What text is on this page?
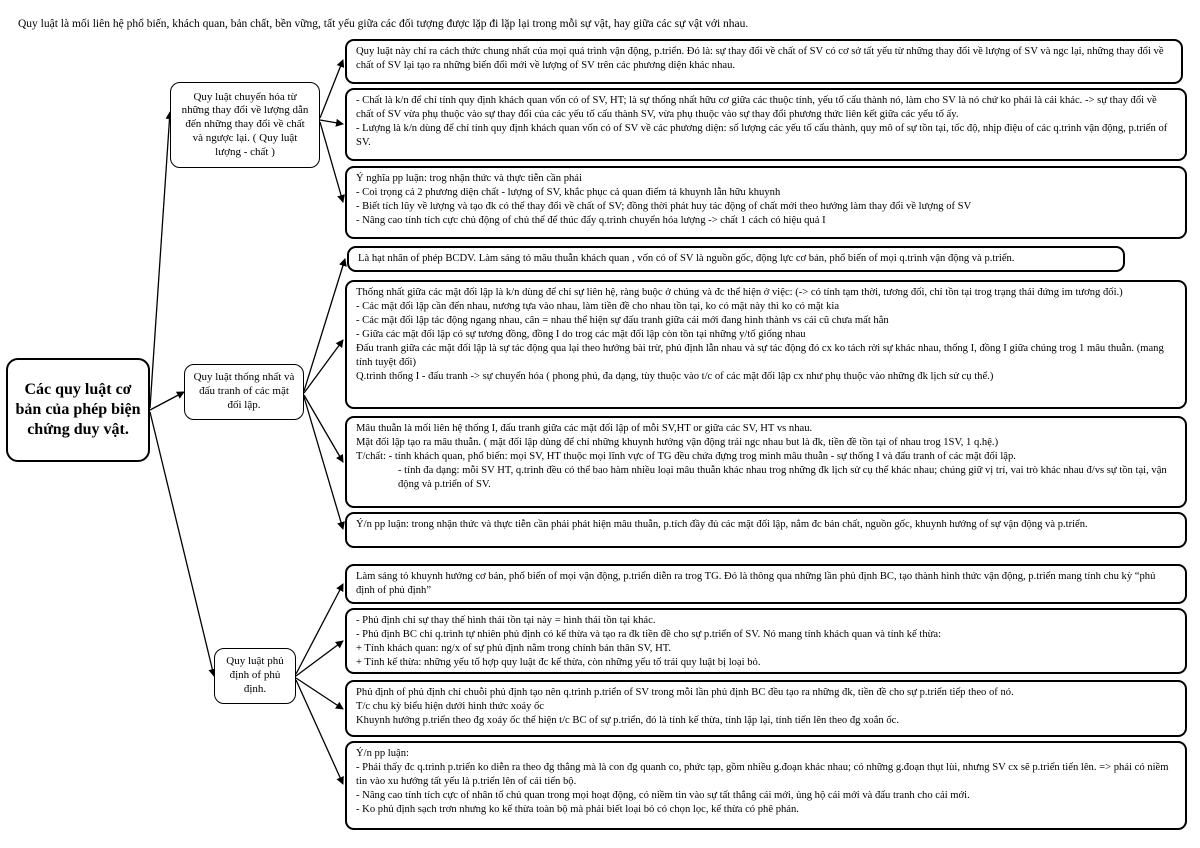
Quy luật là mối liên hệ phổ biến, khách quan, bản chất, bền vững, tất yếu giữa các đối tượng được lặp đi lặp lại trong mỗi sự vật, hay giữa các sự vật với nhau.
Các quy luật cơ bản của phép biện chứng duy vật.
Quy luật chuyển hóa từ những thay đổi về lượng dẫn đến những thay đổi về chất và ngược lại. ( Quy luật lượng - chất )
Quy luật thống nhất và đấu tranh of các mặt đối lập.
Quy luật phủ định of phủ định.

Quy luật này chỉ ra cách thức chung nhất của mọi quá trình vận động, p.triển. Đó là: sự thay đổi về chất of SV có cơ sở tất yếu từ những thay đổi về lượng of SV và ngc lại, những thay đổi về chất of SV lại tạo ra những biến đổi mới về lượng of SV trên các phương diện khác nhau.

- Chất là k/n để chỉ tính quy định khách quan vốn có of SV, HT; là sự thống nhất hữu cơ giữa các thuộc tính, yếu tố cấu thành nó, làm cho SV là nó chứ ko phải là cái khác. -> sự thay đổi về chất of SV vừa phụ thuộc vào sự thay đổi của các yếu tố cấu thành SV, vừa phụ thuộc vào sự thay đổi phương thức liên kết giữa các yếu tố ấy.

- Lượng là k/n dùng để chỉ tính quy định khách quan vốn có of SV về các phương diện: số lượng các yếu tố cấu thành, quy mô of sự tồn tại, tốc độ, nhịp điệu of các q.trình vận động, p.triển of SV.

Ý nghĩa pp luận: trog nhận thức và thực tiễn cần phải

- Coi trọng cả 2 phương diện chất - lượng of SV, khắc phục cả quan điểm tả khuynh lẫn hữu khuynh

- Biết tích lũy về lượng và tạo đk có thể thay đổi về chất of SV; đồng thời phát huy tác động of chất mới theo hướng làm thay đổi về lượng of SV

- Nâng cao tính tích cực chủ động of chủ thể để thúc đẩy q.trình chuyển hóa lượng -> chất 1 cách có hiệu quả I

Là hạt nhân of phép BCDV. Làm sáng tỏ mâu thuẫn khách quan , vốn có of SV là nguồn gốc, động lực cơ bản, phổ biến of mọi q.trình vận động và p.triển.

Thống nhất giữa các mặt đối lập là k/n dùng để chỉ sự liên hệ, ràng buộc ở chúng và đc thể hiện ở việc: (-> có tính tạm thời, tương đối, chỉ tồn tại trog trạng thái đứng im tương đối.)

- Các mặt đối lập cần đến nhau, nương tựa vào nhau, làm tiền đề cho nhau tồn tại, ko có mặt này thì ko có mặt kia

- Các mặt đối lập tác động ngang nhau, cân = nhau thể hiện sự đấu tranh giữa cái mới đang hình thành vs cái cũ chưa mất hẳn

- Giữa các mặt đối lập có sự tương đồng, đồng I do trog các mặt đối lập còn tồn tại những y/tố giống nhau

Đấu tranh giữa các mặt đối lập là sự tác động qua lại theo hướng bài trừ, phủ định lẫn nhau và sự tác động đó cx ko tách rời sự khác nhau, thống I, đồng I giữa chúng trog 1 mâu thuẫn. (mang tính tuyệt đối)

Q.trình thống I - đấu tranh -> sự chuyển hóa ( phong phú, đa dạng, tùy thuộc vào t/c of các mặt đối lập cx như phụ thuộc vào những đk lịch sử cụ thể.)

Mâu thuẫn là mối liên hệ thống I, đấu tranh giữa các mặt đối lập of mỗi SV,HT or giữa các SV, HT vs nhau.

Mặt đối lập tạo ra mâu thuẫn. ( mặt đối lập dùng để chỉ những khuynh hướng vận động trái ngc nhau but là đk, tiền đề tồn tại of nhau trog 1SV, 1 q.hệ.)

T/chất: - tính khách quan, phổ biến: mọi SV, HT thuộc mọi lĩnh vực of TG đều chứa đựng trog mình mâu thuẫn - sự thống I và đấu tranh of các mặt đối lập.

- tính đa dạng: mỗi SV HT, q.trình đều có thể bao hàm nhiều loại mâu thuẫn khác nhau trog những đk lịch sử cụ thể khác nhau; chúng giữ vị trí, vai trò khác nhau đ/vs sự tồn tại, vận động và p.triển of SV.

Ý/n pp luận: trong nhận thức và thực tiễn cần phải phát hiện mâu thuẫn, p.tích đầy đủ các mặt đối lập, nắm đc bản chất, nguồn gốc, khuynh hướng of sự vận động và p.triển.

Làm sáng tỏ khuynh hướng cơ bản, phổ biến of mọi vận động, p.triển diễn ra trog TG. Đó là thông qua những lần phủ định BC, tạo thành hình thức vận động, p.triển mang tính chu kỳ “phủ định of phủ định”

- Phủ định chỉ sự thay thế hình thái tồn tại này = hình thái tồn tại khác.

- Phủ định BC chỉ q.trình tự nhiên phủ định có kế thừa và tạo ra đk tiền đề cho sự p.triển of SV. Nó mang tính khách quan và tính kế thừa:

+ Tính khách quan: ng/x of sự phủ định nằm trong chính bản thân SV, HT.

+ Tính kế thừa: những yếu tố hợp quy luật đc kế thừa, còn những yếu tố trái quy luật bị loại bỏ.

Phủ định of phủ định chỉ chuỗi phủ định tạo nên q.trình p.triển of SV trong mỗi lần phủ định BC đều tạo ra những đk, tiền đề cho sự p.triển tiếp theo of nó.

T/c chu kỳ biểu hiện dưới hình thức xoáy ốc

Khuynh hướng p.triển theo đg xoáy ốc thể hiện t/c BC of sự p.triển, đó là tính kế thừa, tính lặp lại, tính tiến lên theo đg xoắn ốc.

Ý/n pp luận:

- Phải thấy đc q.trình p.triển ko diễn ra theo đg thẳng mà là con đg quanh co, phức tạp, gồm nhiều g.đoạn khác nhau; có những g.đoạn thụt lùi, nhưng SV cx sẽ p.triển tiến lên. => phải có niềm tin vào xu hướng tất yếu là p.triển lên of cái tiến bộ.

- Nâng cao tính tích cực of nhân tố chủ quan trong mọi hoạt động, có niềm tin vào sự tất thắng cái mới, ủng hộ cái mới và đấu tranh cho cái mới.

- Ko phủ định sạch trơn nhưng ko kế thừa toàn bộ mà phải biết loại bỏ có chọn lọc, kế thừa có phê phán.
